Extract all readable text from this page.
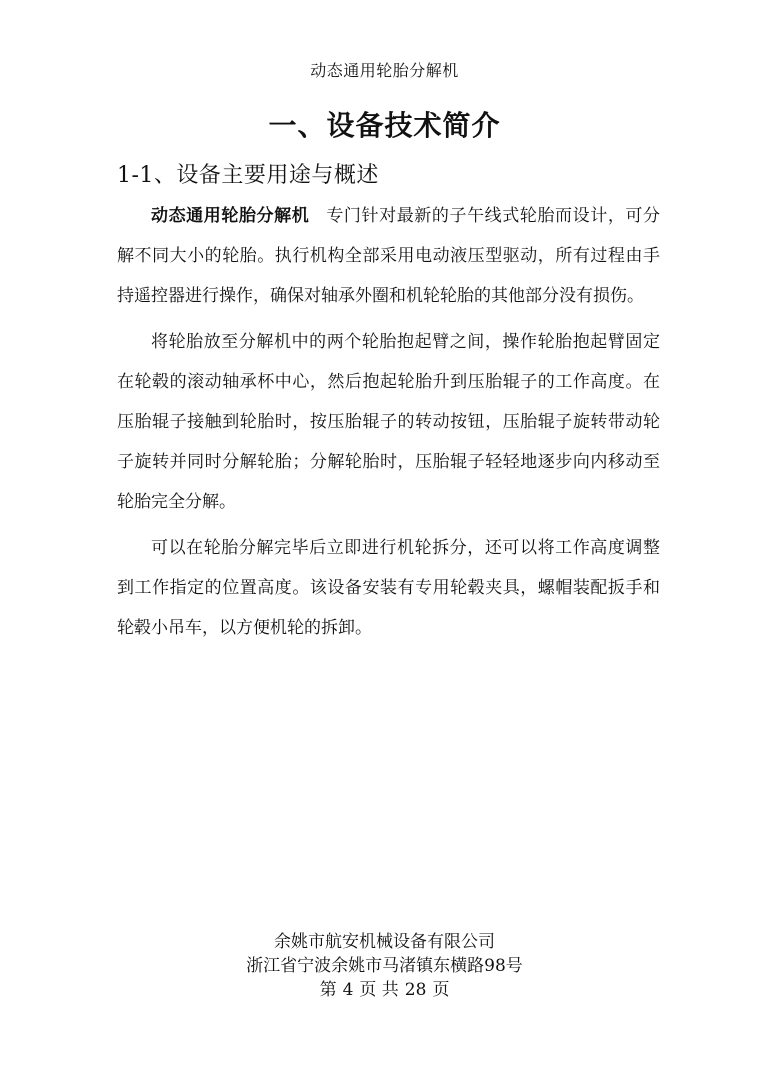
动态通用轮胎分解机
一、设备技术简介
1-1、设备主要用途与概述

动态通用轮胎分解机 专门针对最新的子午线式轮胎而设计，可分解不同大小的轮胎。执行机构全部采用电动液压型驱动，所有过程由手持遥控器进行操作，确保对轴承外圈和机轮轮胎的其他部分没有损伤。

将轮胎放至分解机中的两个轮胎抱起臂之间，操作轮胎抱起臂固定在轮毂的滚动轴承杯中心，然后抱起轮胎升到压胎辊子的工作高度。在压胎辊子接触到轮胎时，按压胎辊子的转动按钮，压胎辊子旋转带动轮子旋转并同时分解轮胎；分解轮胎时，压胎辊子轻轻地逐步向内移动至轮胎完全分解。

可以在轮胎分解完毕后立即进行机轮拆分，还可以将工作高度调整到工作指定的位置高度。该设备安装有专用轮毂夹具，螺帽装配扳手和轮毂小吊车，以方便机轮的拆卸。

余姚市航安机械设备有限公司
浙江省宁波余姚市马渚镇东横路98号
第 4 页 共 28 页
